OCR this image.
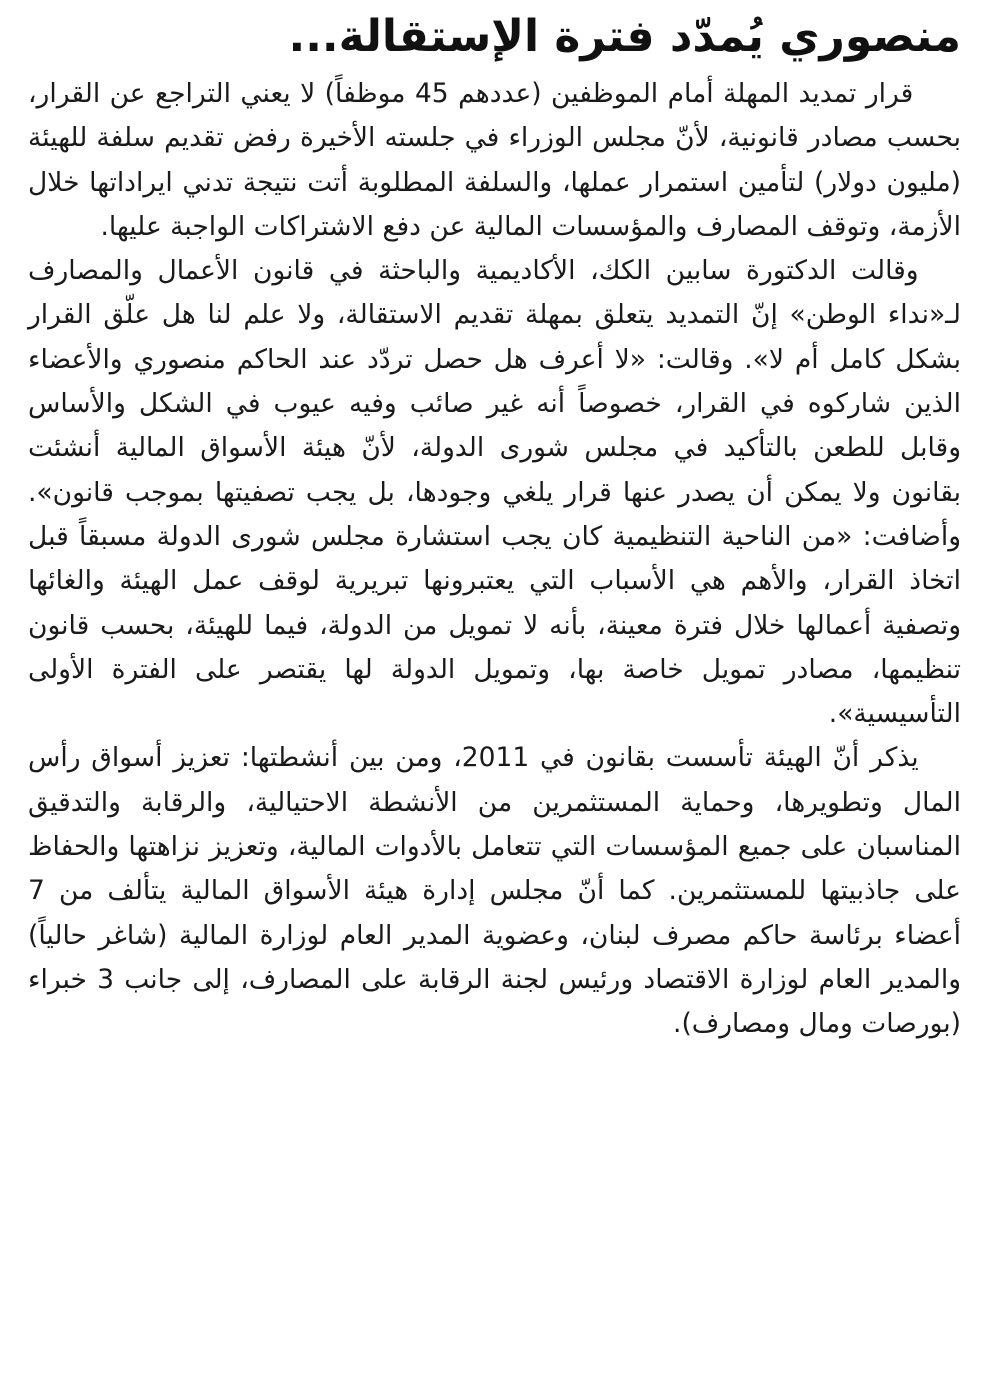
منصوري يُمدّد فترة الإستقالة...

قرار تمديد المهلة أمام الموظفين (عددهم 45 موظفاً) لا يعني التراجع عن القرار، بحسب مصادر قانونية، لأنّ مجلس الوزراء في جلسته الأخيرة رفض تقديم سلفة للهيئة (مليون دولار) لتأمين استمرار عملها، والسلفة المطلوبة أتت نتيجة تدني ايراداتها خلال الأزمة، وتوقف المصارف والمؤسسات المالية عن دفع الاشتراكات الواجبة عليها.

وقالت الدكتورة سابين الكك، الأكاديمية والباحثة في قانون الأعمال والمصارف لـ«نداء الوطن» إنّ التمديد يتعلق بمهلة تقديم الاستقالة، ولا علم لنا هل علّق القرار بشكل كامل أم لا». وقالت: «لا أعرف هل حصل تردّد عند الحاكم منصوري والأعضاء الذين شاركوه في القرار، خصوصاً أنه غير صائب وفيه عيوب في الشكل والأساس وقابل للطعن بالتأكيد في مجلس شورى الدولة، لأنّ هيئة الأسواق المالية أنشئت بقانون ولا يمكن أن يصدر عنها قرار يلغي وجودها، بل يجب تصفيتها بموجب قانون». وأضافت: «من الناحية التنظيمية كان يجب استشارة مجلس شورى الدولة مسبقاً قبل اتخاذ القرار، والأهم هي الأسباب التي يعتبرونها تبريرية لوقف عمل الهيئة والغائها وتصفية أعمالها خلال فترة معينة، بأنه لا تمويل من الدولة، فيما للهيئة، بحسب قانون تنظيمها، مصادر تمويل خاصة بها، وتمويل الدولة لها يقتصر على الفترة الأولى التأسيسية».

يذكر أنّ الهيئة تأسست بقانون في 2011، ومن بين أنشطتها: تعزيز أسواق رأس المال وتطويرها، وحماية المستثمرين من الأنشطة الاحتيالية، والرقابة والتدقيق المناسبان على جميع المؤسسات التي تتعامل بالأدوات المالية، وتعزيز نزاهتها والحفاظ على جاذبيتها للمستثمرين. كما أنّ مجلس إدارة هيئة الأسواق المالية يتألف من 7 أعضاء برئاسة حاكم مصرف لبنان، وعضوية المدير العام لوزارة المالية (شاغر حالياً) والمدير العام لوزارة الاقتصاد ورئيس لجنة الرقابة على المصارف، إلى جانب 3 خبراء (بورصات ومال ومصارف).
